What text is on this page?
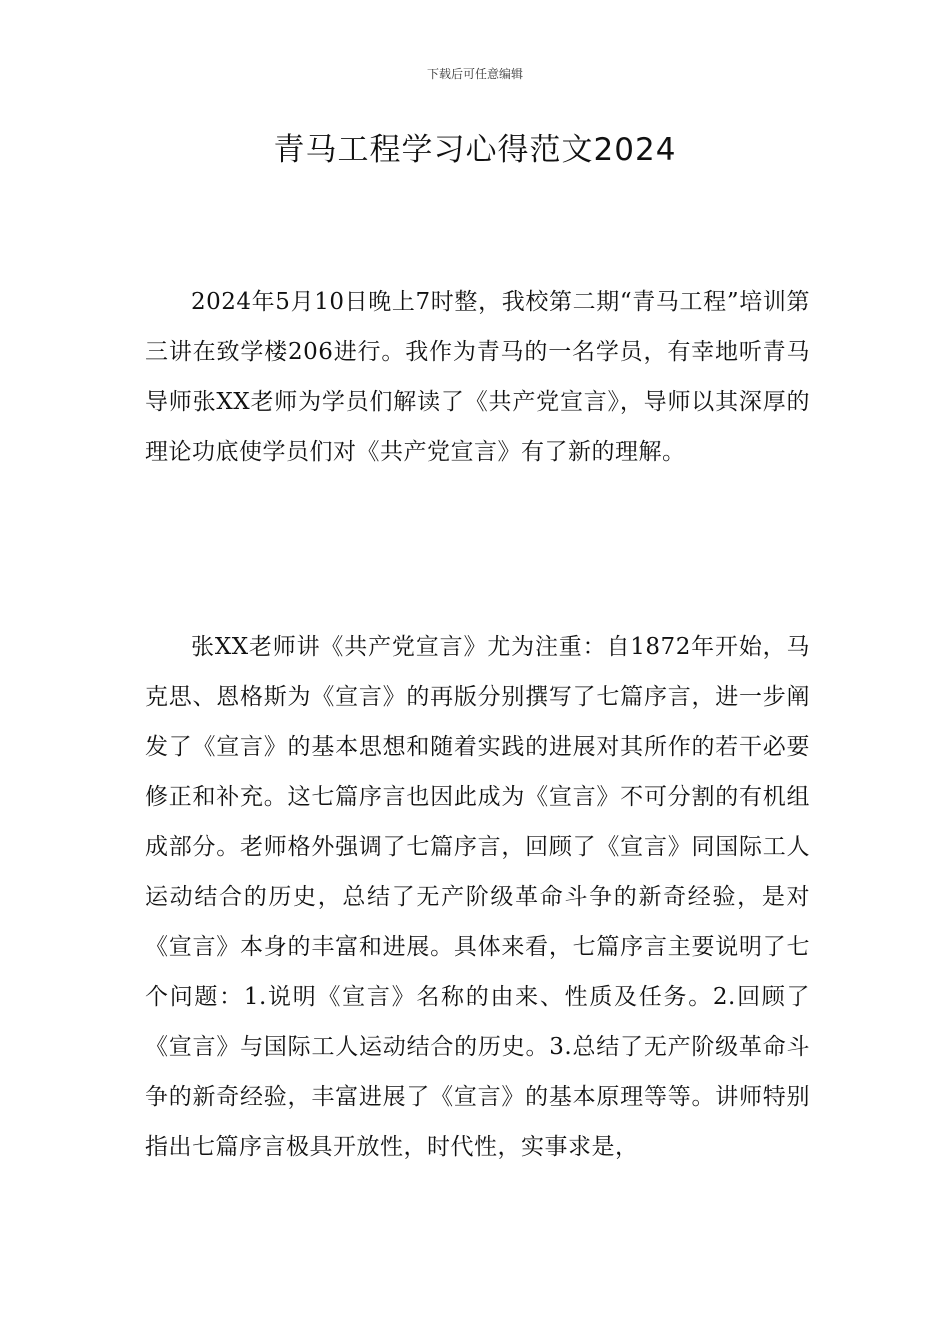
下载后可任意编辑
青马工程学习心得范文2024

2024年5月10日晚上7时整，我校第二期“青马工程”培训第三讲在致学楼206进行。我作为青马的一名学员，有幸地听青马导师张XX老师为学员们解读了《共产党宣言》，导师以其深厚的理论功底使学员们对《共产党宣言》有了新的理解。

张XX老师讲《共产党宣言》尤为注重：自1872年开始，马克思、恩格斯为《宣言》的再版分别撰写了七篇序言，进一步阐发了《宣言》的基本思想和随着实践的进展对其所作的若干必要修正和补充。这七篇序言也因此成为《宣言》不可分割的有机组成部分。老师格外强调了七篇序言，回顾了《宣言》同国际工人运动结合的历史，总结了无产阶级革命斗争的新奇经验，是对《宣言》本身的丰富和进展。具体来看，七篇序言主要说明了七个问题：1.说明《宣言》名称的由来、性质及任务。2.回顾了《宣言》与国际工人运动结合的历史。3.总结了无产阶级革命斗争的新奇经验，丰富进展了《宣言》的基本原理等等。讲师特别指出七篇序言极具开放性，时代性，实事求是，
